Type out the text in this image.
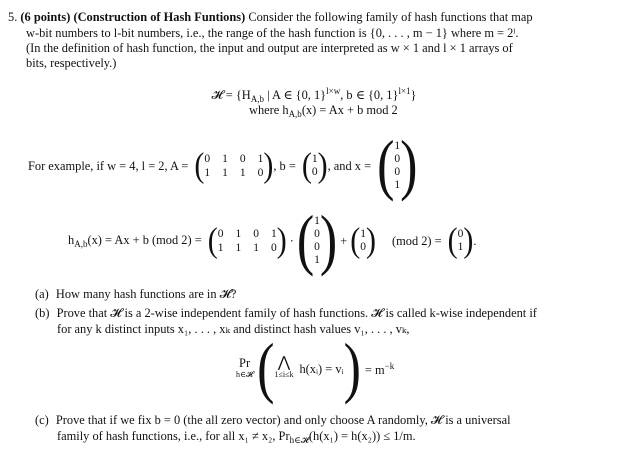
5. (6 points) (Construction of Hash Funtions) Consider the following family of hash functions that map
w-bit numbers to l-bit numbers, i.e., the range of the hash function is {0, . . . , m − 1} where m = 2ˡ.
(In the definition of hash function, the input and output are interpreted as w × 1 and l × 1 arrays of
bits, respectively.)
𝓗 = {$H_{A,b}$ | A ∈ {0, 1}$^{l\times w}$, b ∈ {0, 1}$^{l\times 1}$}
where $h_{A,b}(x) = Ax + b$ mod 2
For example, if w = 4, l = 2, A = ( 0 1 0 1
1 1 1 0 ) , b = ( 1
0 ) , and x = ( 1
0
0
1 )
$h_{A,b}(x) = Ax + b$ (mod 2) = ( 0 1 0 1
1 1 1 0 ) · ( 1
0
0
1 ) + ( 1
0 ) (mod 2) = ( 0
1 ) .
(a) How many hash functions are in 𝓗?
(b) Prove that 𝓗 is a 2-wise independent family of hash functions. 𝓗 is called k-wise independent if
for any k distinct inputs x₁, . . . , xₖ and distinct hash values v₁, . . . , vₖ,
Pr
h∈𝓗 ( ⋀
1≤i≤k h(xᵢ) = vᵢ ) = $m^{-k}$
(c) Prove that if we fix b = 0 (the all zero vector) and only choose A randomly, 𝓗 is a universal
family of hash functions, i.e., for all x₁ ≠ x₂, $Pr_{h\in 𝓗}(h(x_1) = h(x_2)) \le 1/m$.
